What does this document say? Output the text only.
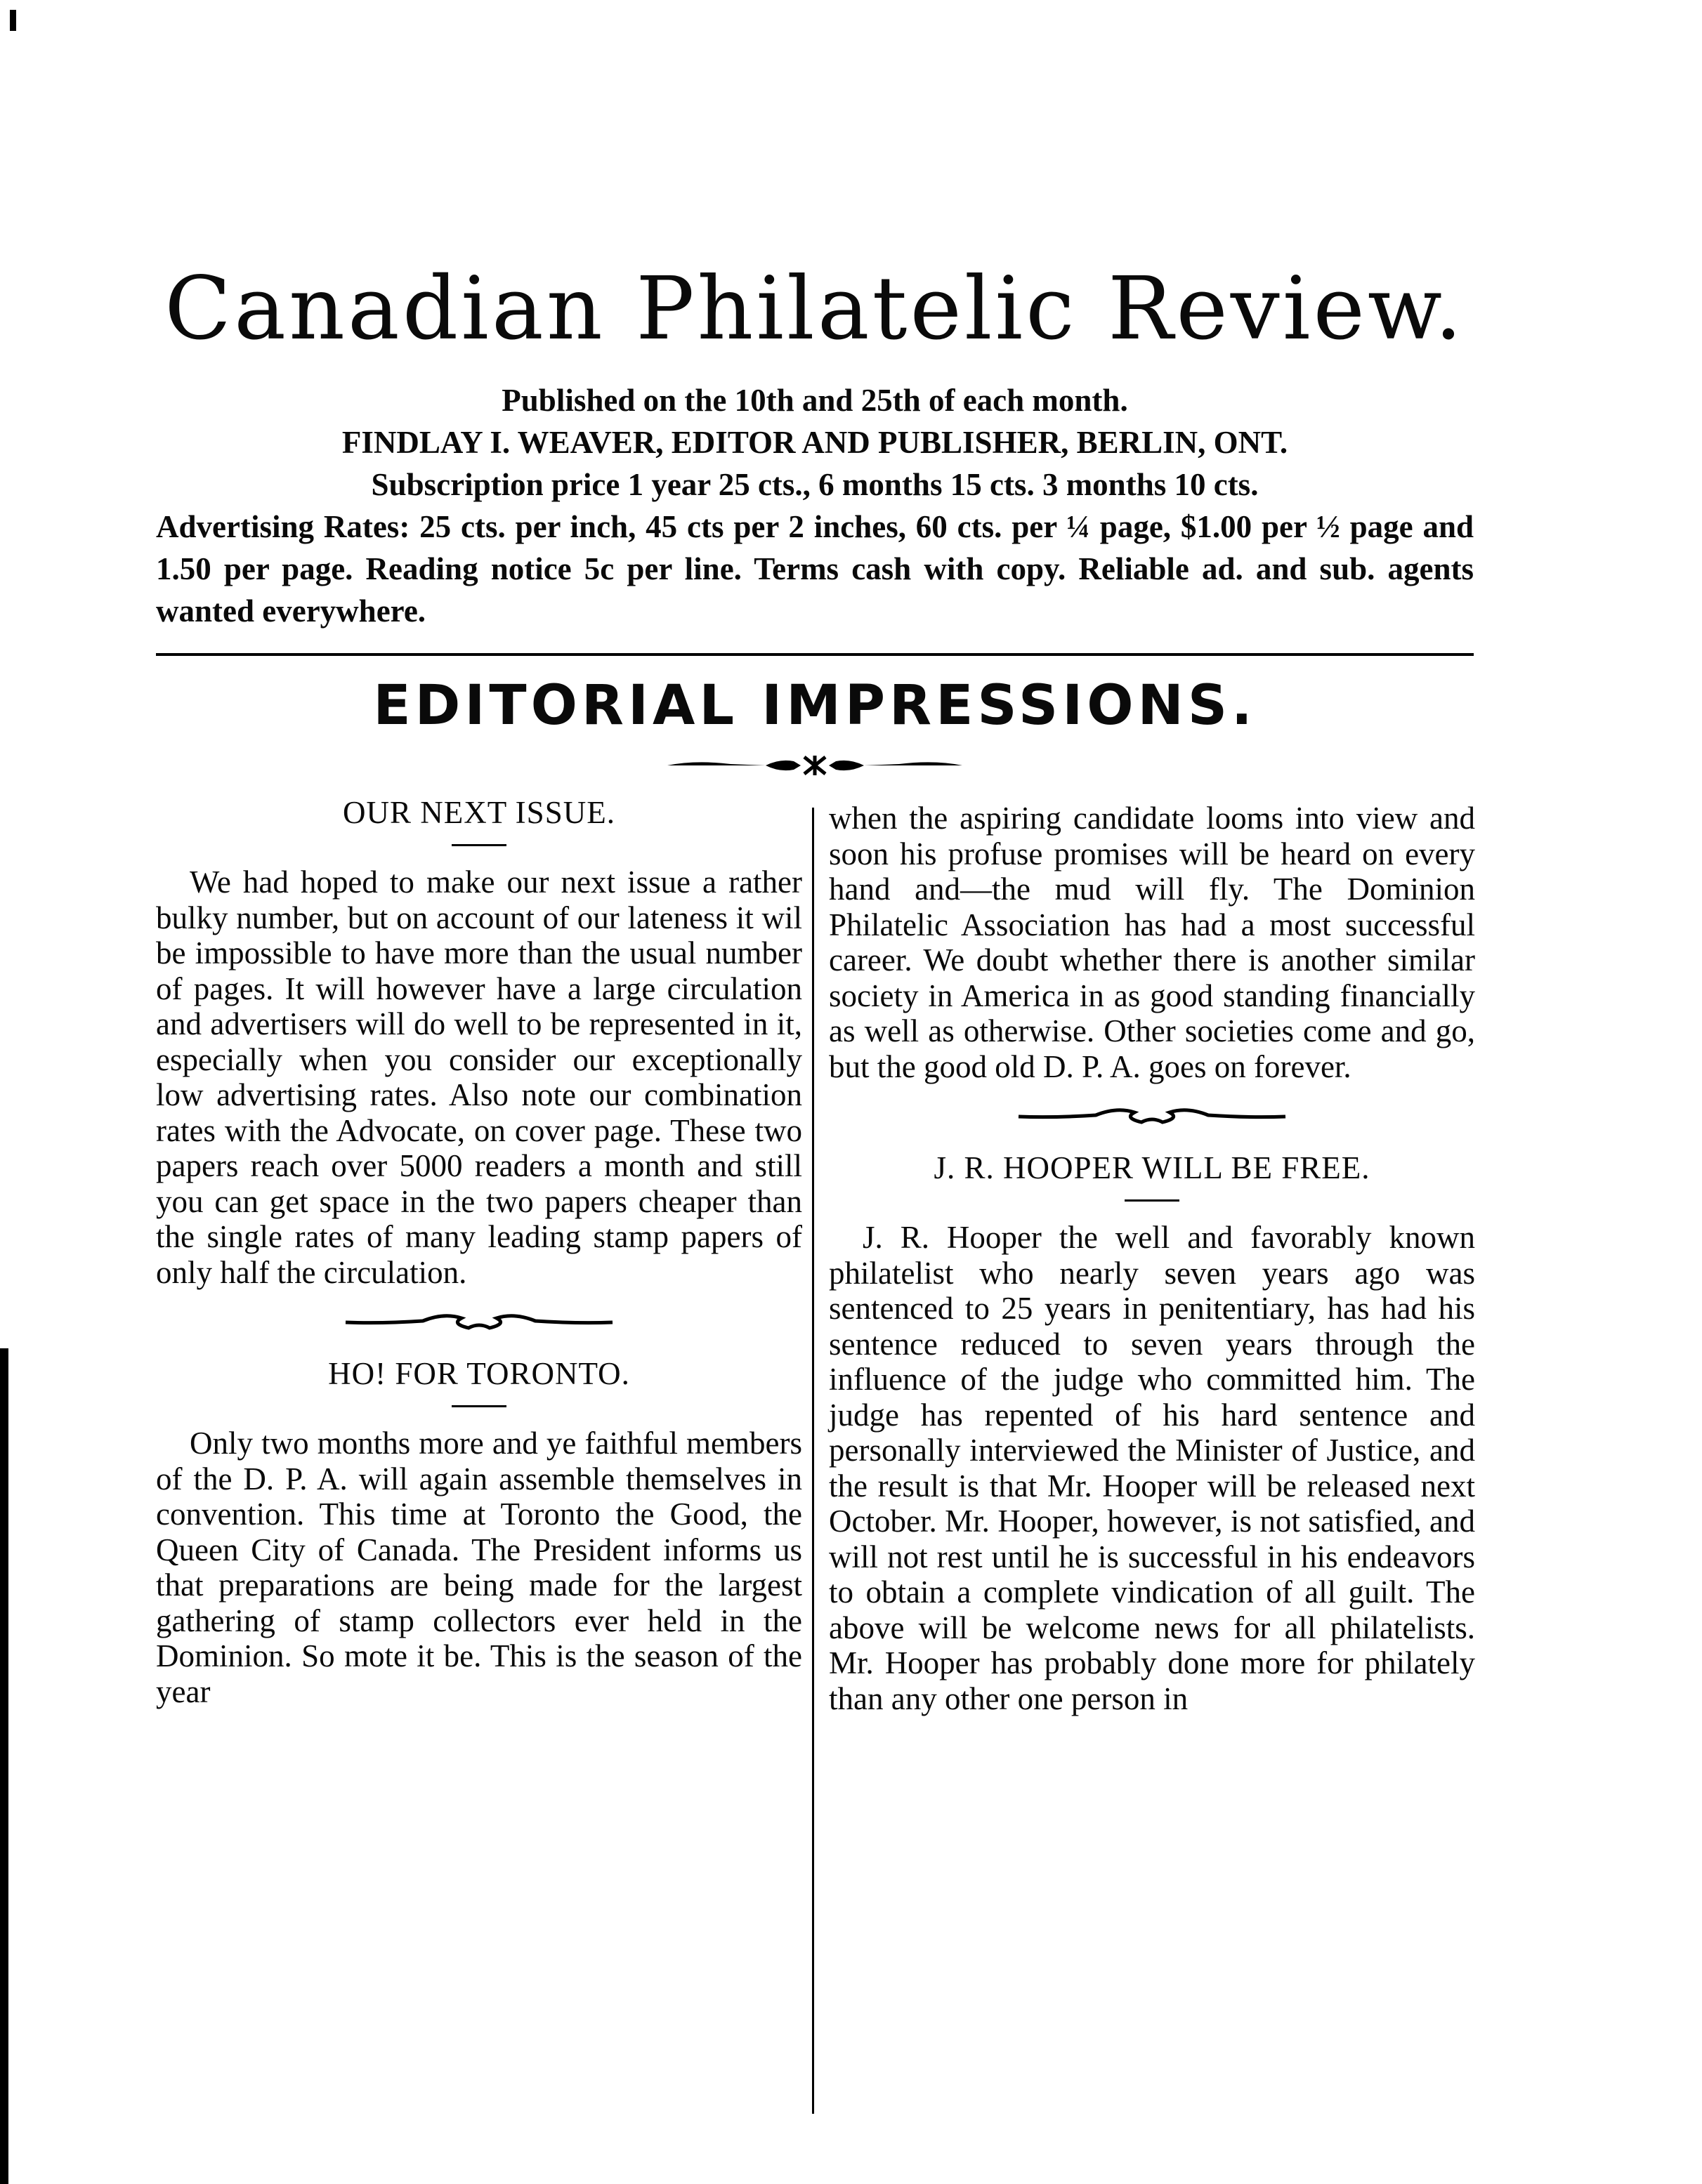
Canadian Philatelic Review.
Published on the 10th and 25th of each month.
FINDLAY I. WEAVER, EDITOR AND PUBLISHER, BERLIN, ONT.
Subscription price 1 year 25 cts., 6 months 15 cts. 3 months 10 cts.
Advertising Rates: 25 cts. per inch, 45 cts per 2 inches, 60 cts. per ¼ page, $1.00 per ½ page and 1.50 per page. Reading notice 5c per line. Terms cash with copy. Reliable ad. and sub. agents wanted everywhere.
EDITORIAL IMPRESSIONS.
OUR NEXT ISSUE.

We had hoped to make our next issue a rather bulky number, but on account of our lateness it wil be impossible to have more than the usual number of pages. It will however have a large circulation and advertisers will do well to be represented in it, especially when you consider our exceptionally low advertising rates. Also note our combination rates with the Advocate, on cover page. These two papers reach over 5000 readers a month and still you can get space in the two papers cheaper than the single rates of many leading stamp papers of only half the circulation.

HO! FOR TORONTO.

Only two months more and ye faithful members of the D. P. A. will again assemble themselves in convention. This time at Toronto the Good, the Queen City of Canada. The President informs us that preparations are being made for the largest gathering of stamp collectors ever held in the Dominion. So mote it be. This is the season of the year

when the aspiring candidate looms into view and soon his profuse promises will be heard on every hand and—the mud will fly. The Dominion Philatelic Association has had a most successful career. We doubt whether there is another similar society in America in as good standing financially as well as otherwise. Other societies come and go, but the good old D. P. A. goes on forever.

J. R. HOOPER WILL BE FREE.

J. R. Hooper the well and favorably known philatelist who nearly seven years ago was sentenced to 25 years in penitentiary, has had his sentence reduced to seven years through the influence of the judge who committed him. The judge has repented of his hard sentence and personally interviewed the Minister of Justice, and the result is that Mr. Hooper will be released next October. Mr. Hooper, however, is not satisfied, and will not rest until he is successful in his endeavors to obtain a complete vindication of all guilt. The above will be welcome news for all philatelists. Mr. Hooper has probably done more for philately than any other one person in
